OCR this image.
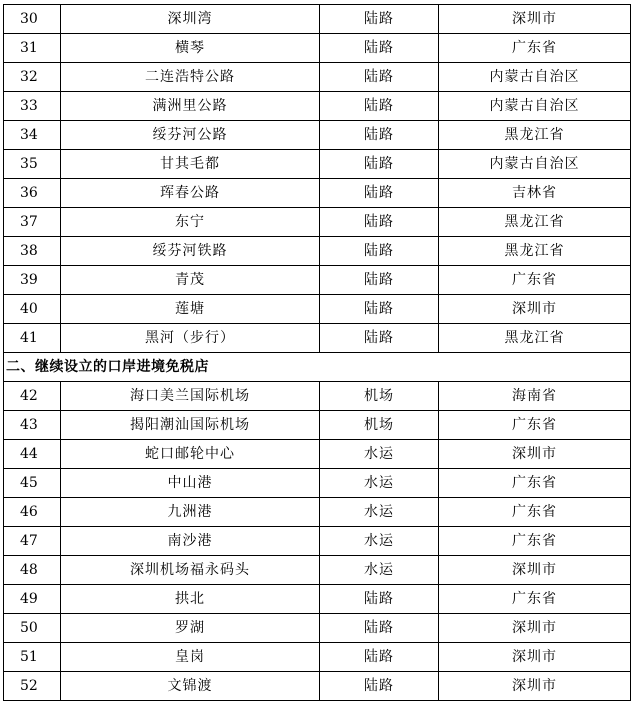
30	深圳湾	陆路	深圳市
31	横琴	陆路	广东省
32	二连浩特公路	陆路	内蒙古自治区
33	满洲里公路	陆路	内蒙古自治区
34	绥芬河公路	陆路	黑龙江省
35	甘其毛都	陆路	内蒙古自治区
36	珲春公路	陆路	吉林省
37	东宁	陆路	黑龙江省
38	绥芬河铁路	陆路	黑龙江省
39	青茂	陆路	广东省
40	莲塘	陆路	深圳市
41	黑河（步行）	陆路	黑龙江省
二、继续设立的口岸进境免税店			
42	海口美兰国际机场	机场	海南省
43	揭阳潮汕国际机场	机场	广东省
44	蛇口邮轮中心	水运	深圳市
45	中山港	水运	广东省
46	九洲港	水运	广东省
47	南沙港	水运	广东省
48	深圳机场福永码头	水运	深圳市
49	拱北	陆路	广东省
50	罗湖	陆路	深圳市
51	皇岗	陆路	深圳市
52	文锦渡	陆路	深圳市
